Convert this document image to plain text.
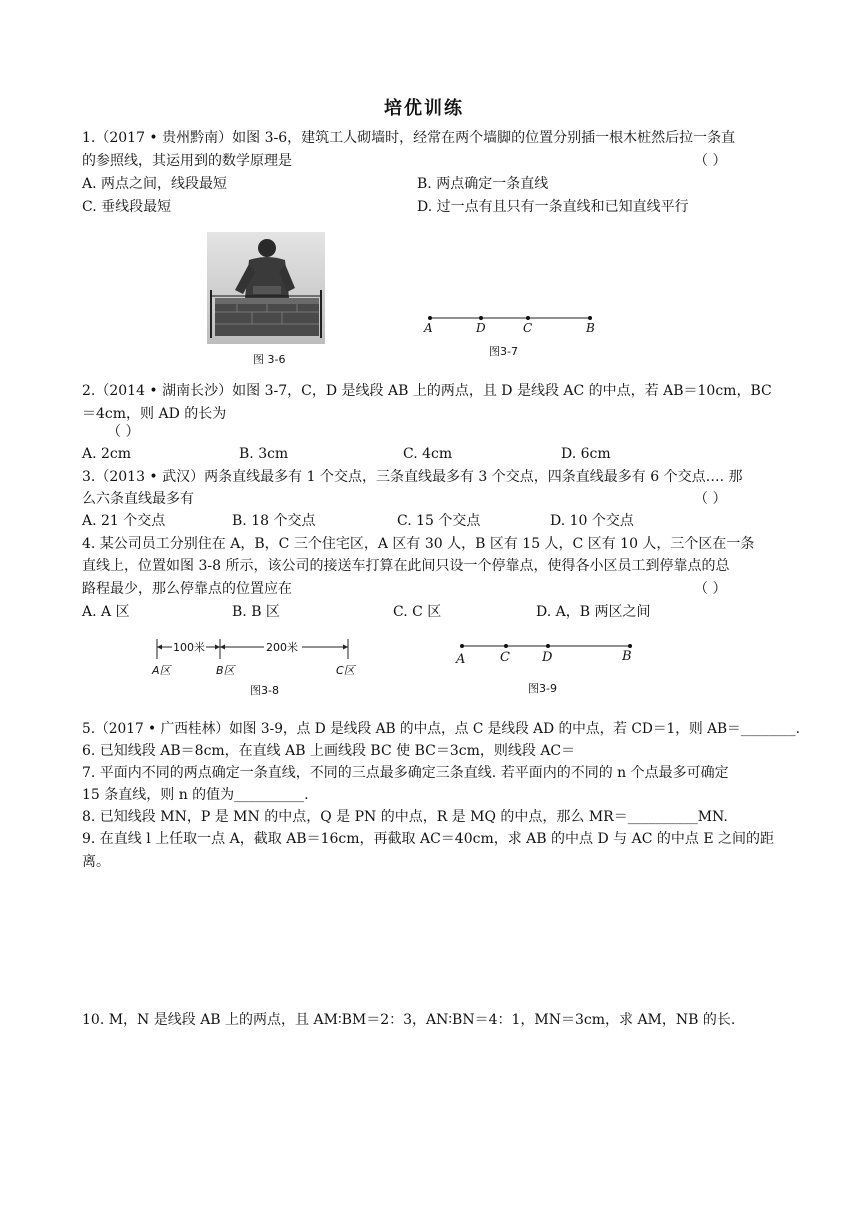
培优训练
1.（2017 • 贵州黔南）如图 3-6，建筑工人砌墙时，经常在两个墙脚的位置分别插一根木桩然后拉一条直
的参照线，其运用到的数学原理是	（ ）
A. 两点之间，线段最短	B. 两点确定一条直线
C. 垂线段最短	D. 过一点有且只有一条直线和已知直线平行
图 3-6
A	D	C	B
图3-7
2.（2014 • 湖南长沙）如图 3-7，C，D 是线段 AB 上的两点，且 D 是线段 AC 的中点，若 AB＝10cm，BC
＝4cm，则 AD 的长为
（ ）
A. 2cm	B. 3cm	C. 4cm	D. 6cm
3.（2013 • 武汉）两条直线最多有 1 个交点，三条直线最多有 3 个交点，四条直线最多有 6 个交点…. 那
么六条直线最多有	（ ）
A. 21 个交点	B. 18 个交点	C. 15 个交点	D. 10 个交点
4. 某公司员工分别住在 A，B，C 三个住宅区，A 区有 30 人，B 区有 15 人，C 区有 10 人，三个区在一条
直线上，位置如图 3-8 所示，该公司的接送车打算在此间只设一个停靠点，使得各小区员工到停靠点的总
路程最少，那么停靠点的位置应在	（ ）
A. A 区	B. B 区	C. C 区	D. A，B 两区之间
100米	200米
A区	B区	C区
图3-8
A	C D	B
图3-9
5.（2017 • 广西桂林）如图 3-9，点 D 是线段 AB 的中点，点 C 是线段 AD 的中点，若 CD＝1，则 AB＝________.
6. 已知线段 AB＝8cm，在直线 AB 上画线段 BC 使 BC＝3cm，则线段 AC＝
7. 平面内不同的两点确定一条直线，不同的三点最多确定三条直线. 若平面内的不同的 n 个点最多可确定
15 条直线，则 n 的值为__________.
8. 已知线段 MN，P 是 MN 的中点，Q 是 PN 的中点，R 是 MQ 的中点，那么 MR＝__________MN.
9. 在直线 l 上任取一点 A，截取 AB＝16cm，再截取 AC＝40cm，求 AB 的中点 D 与 AC 的中点 E 之间的距
离。
10. M，N 是线段 AB 上的两点，且 AM∶BM＝2：3，AN∶BN＝4：1，MN＝3cm，求 AM，NB 的长.
